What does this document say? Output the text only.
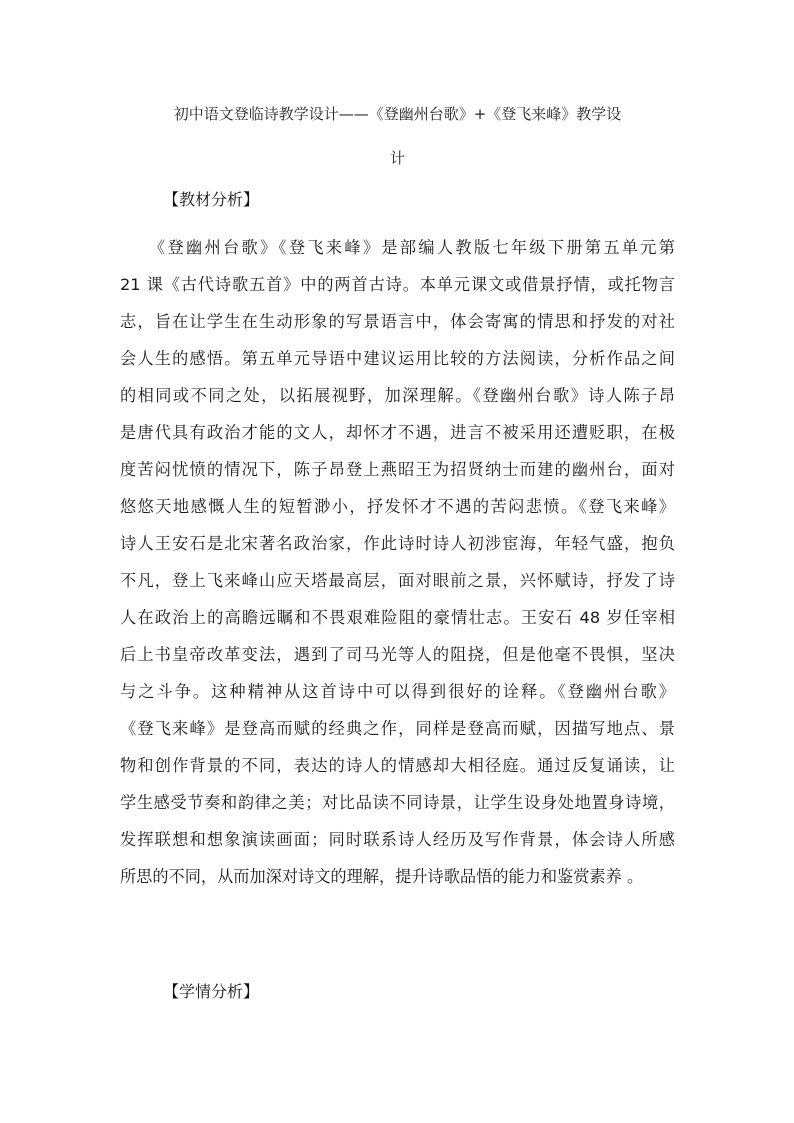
初中语文登临诗教学设计——《登幽州台歌》+《登飞来峰》教学设
计
【教材分析】
《登幽州台歌》《登飞来峰》是部编人教版七年级下册第五单元第
21 课《古代诗歌五首》中的两首古诗。本单元课文或借景抒情，或托物言
志，旨在让学生在生动形象的写景语言中，体会寄寓的情思和抒发的对社
会人生的感悟。第五单元导语中建议运用比较的方法阅读，分析作品之间
的相同或不同之处，以拓展视野，加深理解。《登幽州台歌》诗人陈子昂
是唐代具有政治才能的文人，却怀才不遇，进言不被采用还遭贬职，在极
度苦闷忧愤的情况下，陈子昂登上燕昭王为招贤纳士而建的幽州台，面对
悠悠天地感慨人生的短暂渺小，抒发怀才不遇的苦闷悲愤。《登飞来峰》
诗人王安石是北宋著名政治家，作此诗时诗人初涉宦海，年轻气盛，抱负
不凡，登上飞来峰山应天塔最高层，面对眼前之景，兴怀赋诗，抒发了诗
人在政治上的高瞻远瞩和不畏艰难险阻的豪情壮志。王安石 48 岁任宰相
后上书皇帝改革变法，遇到了司马光等人的阻挠，但是他毫不畏惧，坚决
与之斗争。这种精神从这首诗中可以得到很好的诠释。《登幽州台歌》
《登飞来峰》是登高而赋的经典之作，同样是登高而赋，因描写地点、景
物和创作背景的不同，表达的诗人的情感却大相径庭。通过反复诵读，让
学生感受节奏和韵律之美；对比品读不同诗景，让学生设身处地置身诗境，
发挥联想和想象演读画面；同时联系诗人经历及写作背景，体会诗人所感
所思的不同，从而加深对诗文的理解，提升诗歌品悟的能力和鉴赏素养 。
【学情分析】
